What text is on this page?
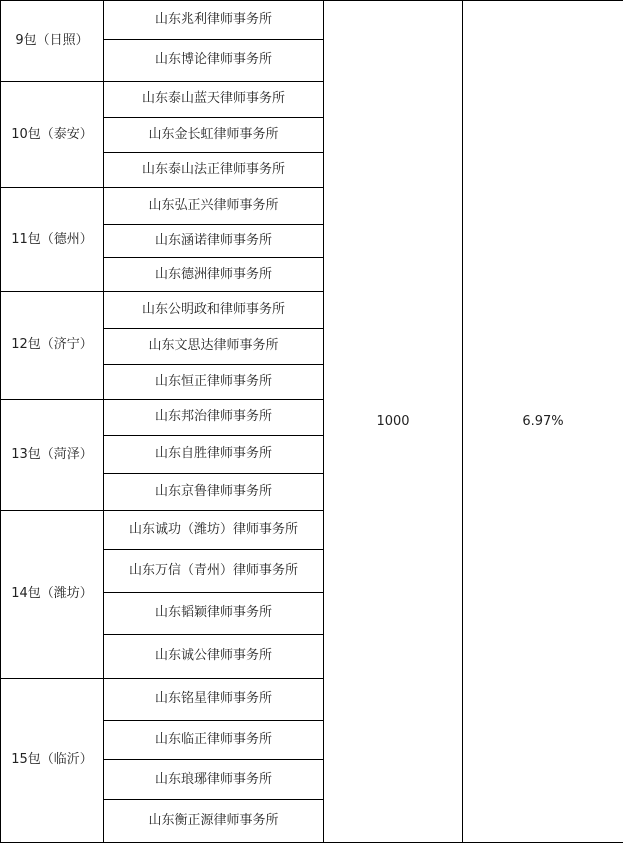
9包（日照）	山东兆利律师事务所	1000	6.97%
	山东博论律师事务所		
10包（泰安）	山东泰山蓝天律师事务所		
	山东金长虹律师事务所		
	山东泰山法正律师事务所		
11包（德州）	山东弘正兴律师事务所		
	山东涵诺律师事务所		
	山东德洲律师事务所		
12包（济宁）	山东公明政和律师事务所		
	山东文思达律师事务所		
	山东恒正律师事务所		
13包（菏泽）	山东邦治律师事务所		
	山东自胜律师事务所		
	山东京鲁律师事务所		
14包（潍坊）	山东诚功（潍坊）律师事务所		
	山东万信（青州）律师事务所		
	山东韬颖律师事务所		
	山东诚公律师事务所		
15包（临沂）	山东铭星律师事务所		
	山东临正律师事务所		
	山东琅琊律师事务所		
	山东衡正源律师事务所		
